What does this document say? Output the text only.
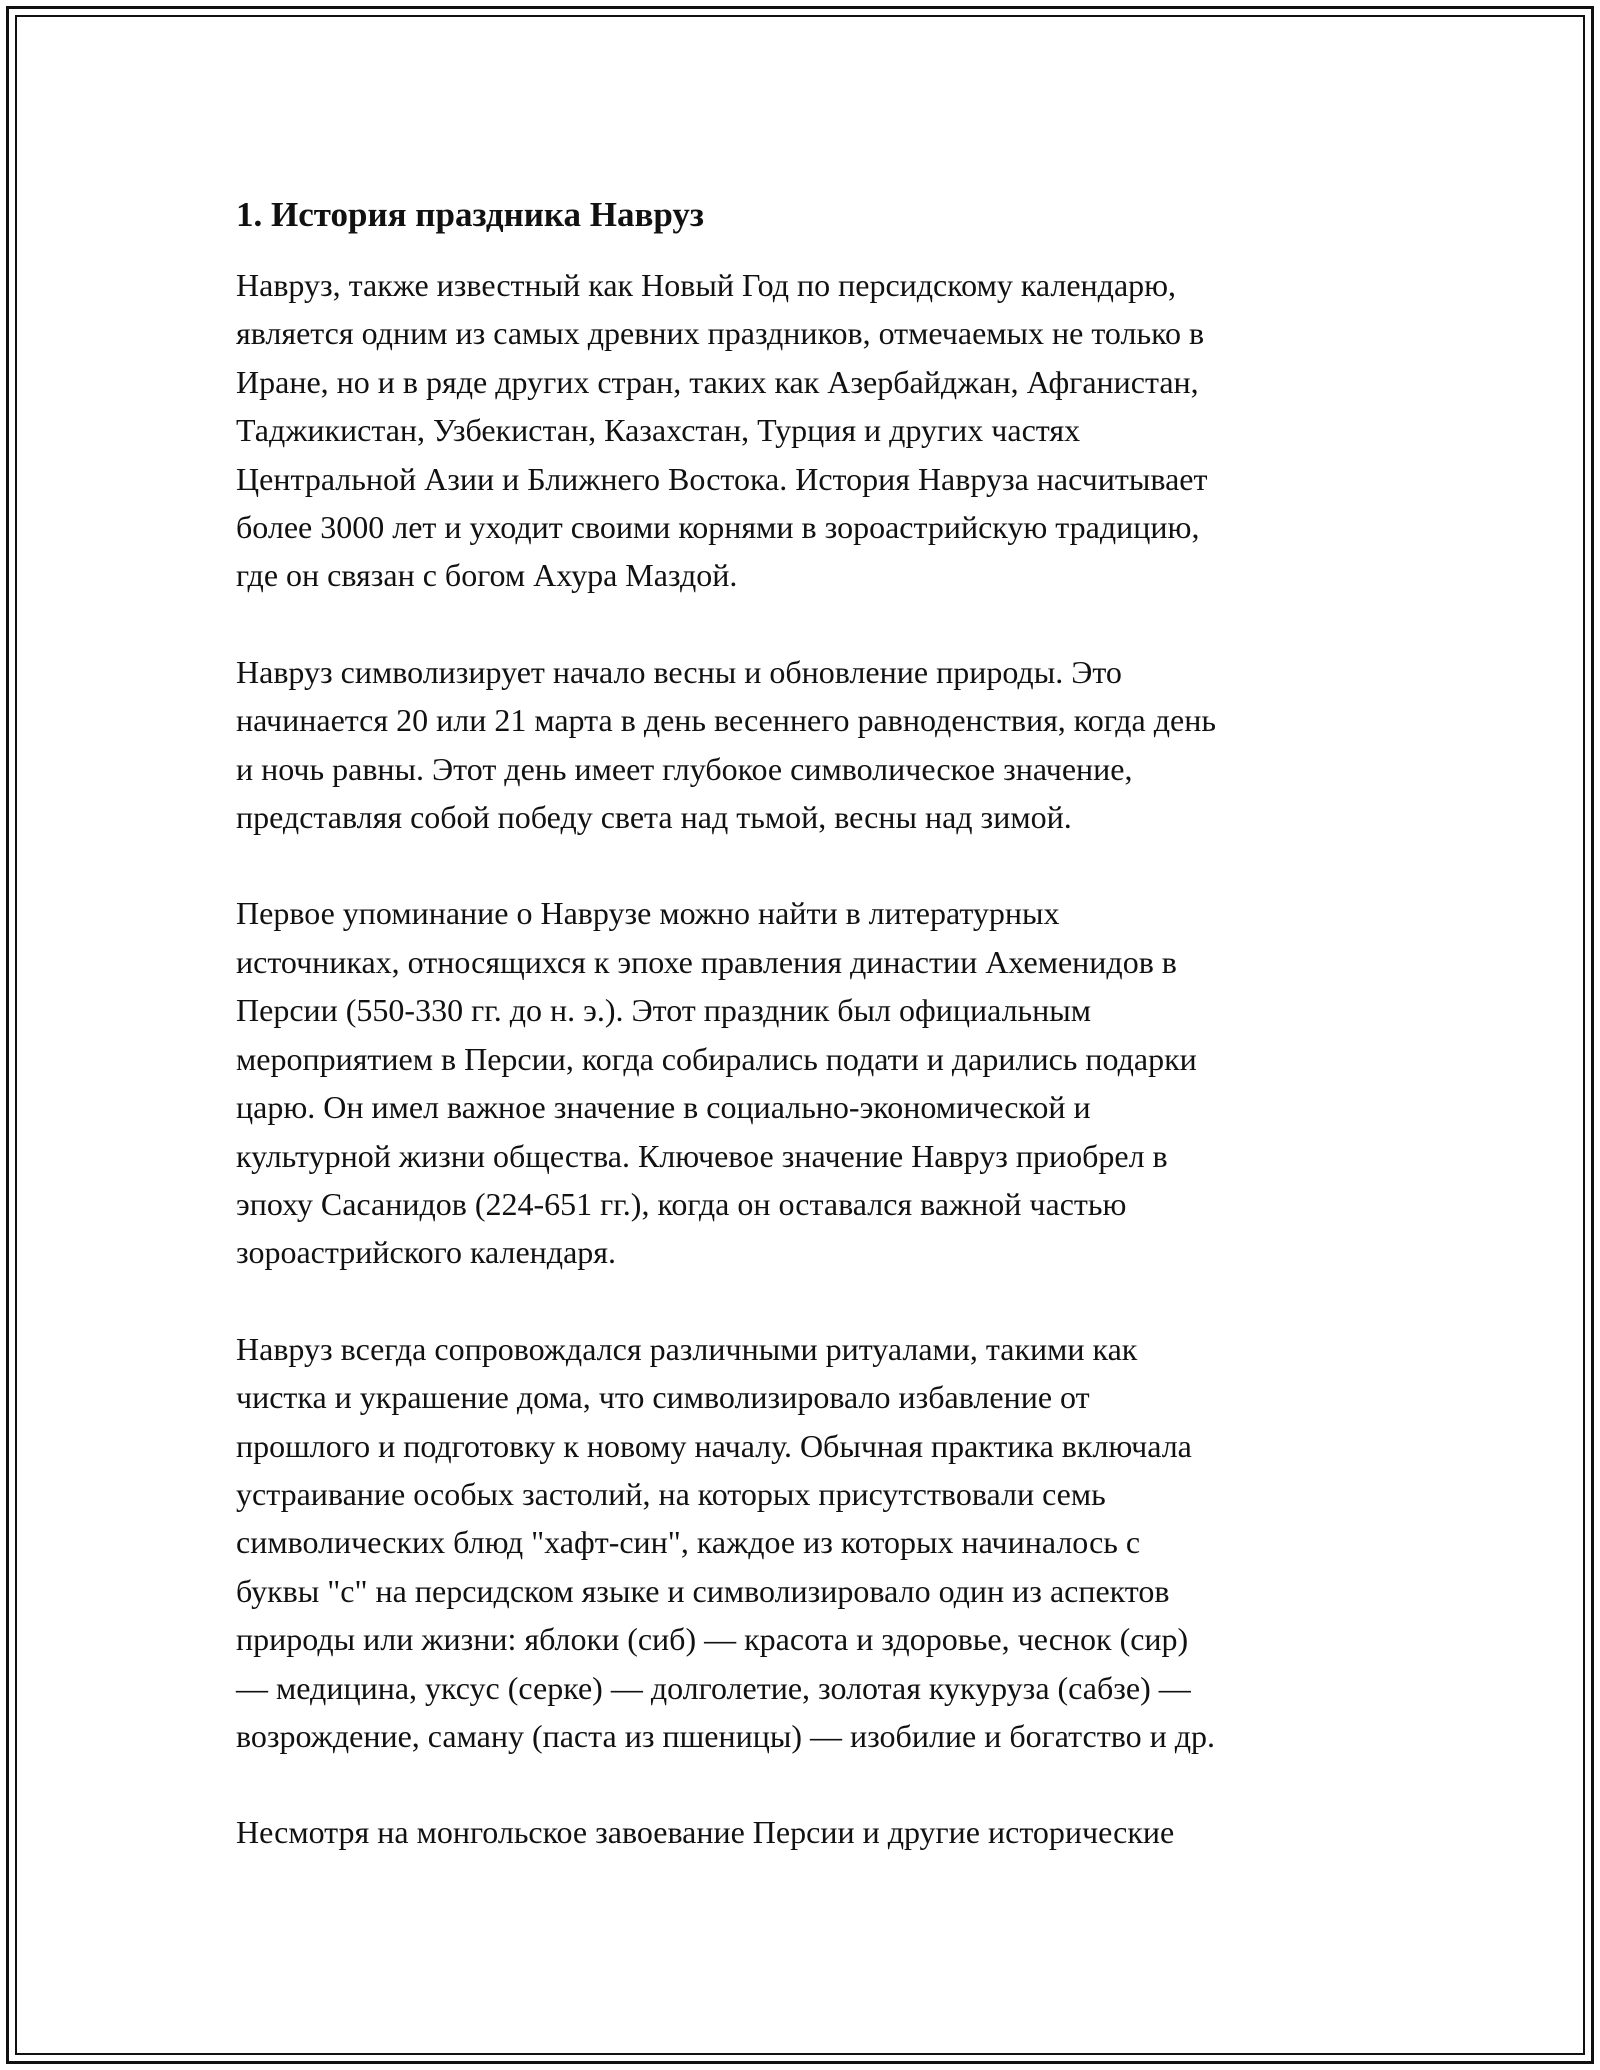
1. История праздника Навруз

Навруз, также известный как Новый Год по персидскому календарю,
является одним из самых древних праздников, отмечаемых не только в
Иране, но и в ряде других стран, таких как Азербайджан, Афганистан,
Таджикистан, Узбекистан, Казахстан, Турция и других частях
Центральной Азии и Ближнего Востока. История Навруза насчитывает
более 3000 лет и уходит своими корнями в зороастрийскую традицию,
где он связан с богом Ахура Маздой.

Навруз символизирует начало весны и обновление природы. Это
начинается 20 или 21 марта в день весеннего равноденствия, когда день
и ночь равны. Этот день имеет глубокое символическое значение,
представляя собой победу света над тьмой, весны над зимой.

Первое упоминание о Наврузе можно найти в литературных
источниках, относящихся к эпохе правления династии Ахеменидов в
Персии (550-330 гг. до н. э.). Этот праздник был официальным
мероприятием в Персии, когда собирались подати и дарились подарки
царю. Он имел важное значение в социально-экономической и
культурной жизни общества. Ключевое значение Навруз приобрел в
эпоху Сасанидов (224-651 гг.), когда он оставался важной частью
зороастрийского календаря.

Навруз всегда сопровождался различными ритуалами, такими как
чистка и украшение дома, что символизировало избавление от
прошлого и подготовку к новому началу. Обычная практика включала
устраивание особых застолий, на которых присутствовали семь
символических блюд "хафт-син", каждое из которых начиналось с
буквы "с" на персидском языке и символизировало один из аспектов
природы или жизни: яблоки (сиб) — красота и здоровье, чеснок (сир)
— медицина, уксус (серке) — долголетие, золотая кукуруза (сабзе) —
возрождение, саману (паста из пшеницы) — изобилие и богатство и др.

Несмотря на монгольское завоевание Персии и другие исторические
